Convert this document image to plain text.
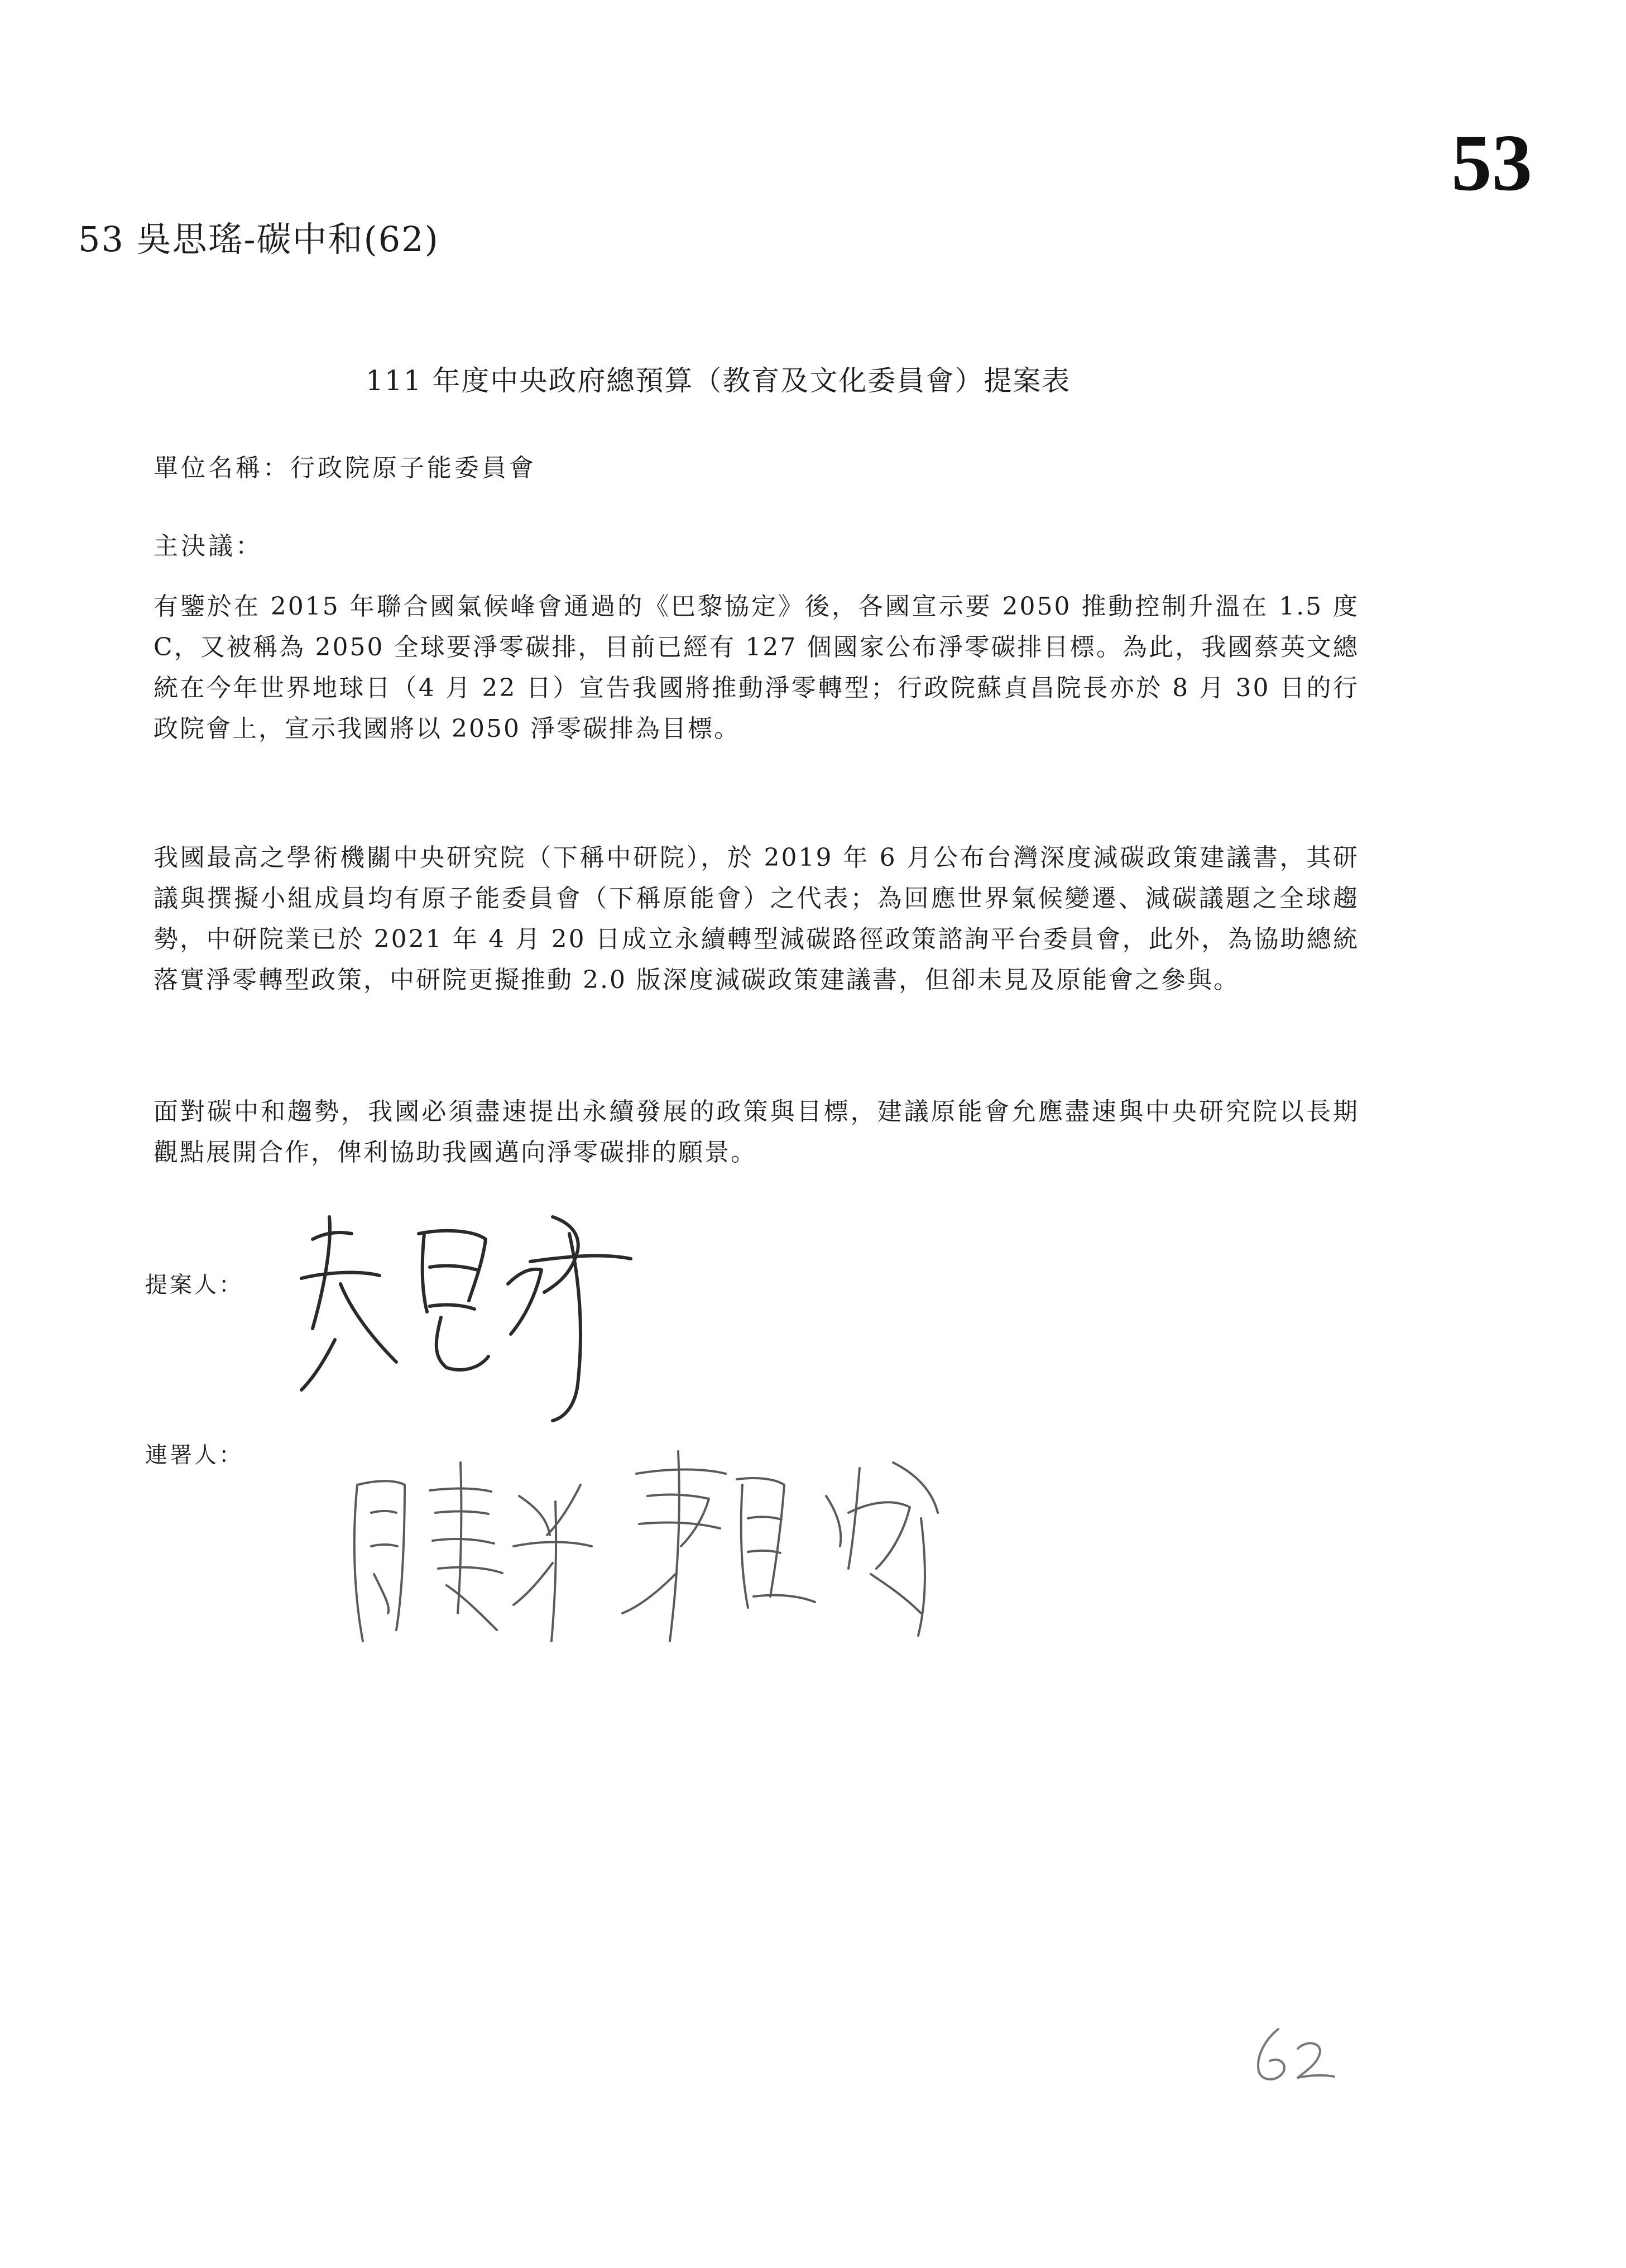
53
53 吳思瑤-碳中和(62)
111 年度中央政府總預算（教育及文化委員會）提案表
單位名稱：行政院原子能委員會
主決議：

有鑒於在 2015 年聯合國氣候峰會通過的《巴黎協定》後，各國宣示要 2050 推動控制升溫在 1.5 度 C，又被稱為 2050 全球要淨零碳排，目前已經有 127 個國家公布淨零碳排目標。為此，我國蔡英文總統在今年世界地球日（4 月 22 日）宣告我國將推動淨零轉型；行政院蘇貞昌院長亦於 8 月 30 日的行政院會上，宣示我國將以 2050 淨零碳排為目標。

我國最高之學術機關中央研究院（下稱中研院），於 2019 年 6 月公布台灣深度減碳政策建議書，其研議與撰擬小組成員均有原子能委員會（下稱原能會）之代表；為回應世界氣候變遷、減碳議題之全球趨勢，中研院業已於 2021 年 4 月 20 日成立永續轉型減碳路徑政策諮詢平台委員會，此外，為協助總統落實淨零轉型政策，中研院更擬推動 2.0 版深度減碳政策建議書，但卻未見及原能會之參與。

面對碳中和趨勢，我國必須盡速提出永續發展的政策與目標，建議原能會允應盡速與中央研究院以長期觀點展開合作，俾利協助我國邁向淨零碳排的願景。

提案人：
連署人：
